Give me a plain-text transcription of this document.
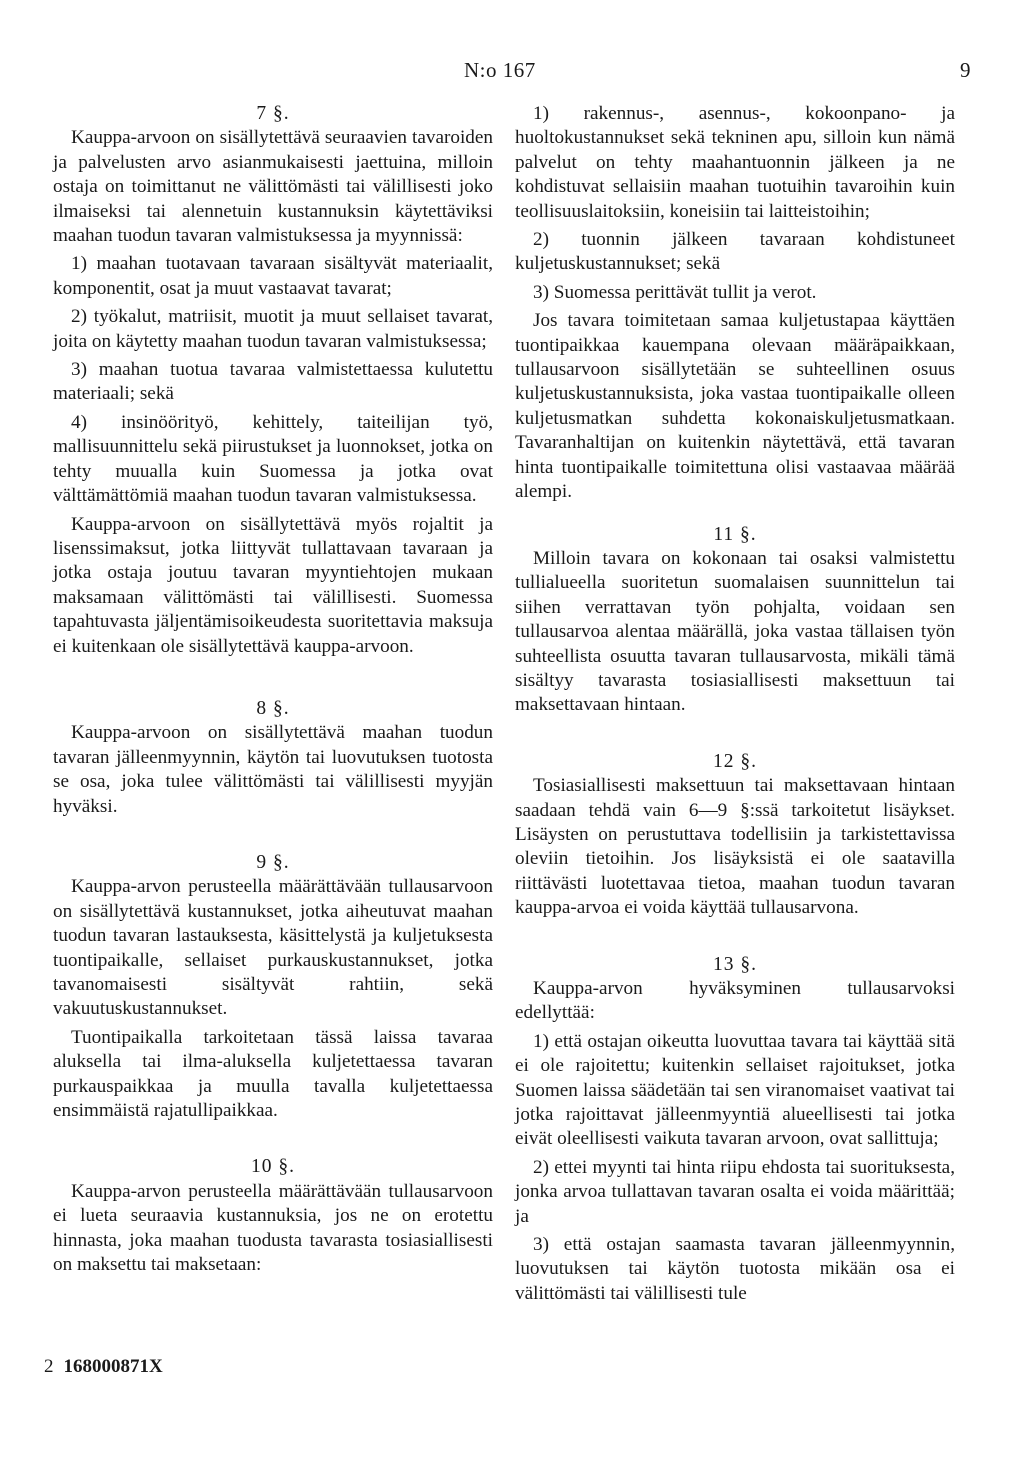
N:o 167	9
7 §.

Kauppa-arvoon on sisällytettävä seuraavien tavaroiden ja palvelusten arvo asianmukaisesti jaettuina, milloin ostaja on toimittanut ne välittömästi tai välillisesti joko ilmaiseksi tai alennetuin kustannuksin käytettäviksi maahan tuodun tavaran valmistuksessa ja myynnissä:

1) maahan tuotavaan tavaraan sisältyvät materiaalit, komponentit, osat ja muut vastaavat tavarat;

2) työkalut, matriisit, muotit ja muut sellaiset tavarat, joita on käytetty maahan tuodun tavaran valmistuksessa;

3) maahan tuotua tavaraa valmistettaessa kulutettu materiaali; sekä

4) insinöörityö, kehittely, taiteilijan työ, mallisuunnittelu sekä piirustukset ja luonnokset, jotka on tehty muualla kuin Suomessa ja jotka ovat välttämättömiä maahan tuodun tavaran valmistuksessa.

Kauppa-arvoon on sisällytettävä myös rojaltit ja lisenssimaksut, jotka liittyvät tullattavaan tavaraan ja jotka ostaja joutuu tavaran myyntiehtojen mukaan maksamaan välittömästi tai välillisesti. Suomessa tapahtuvasta jäljentämisoikeudesta suoritettavia maksuja ei kuitenkaan ole sisällytettävä kauppa-arvoon.

8 §.

Kauppa-arvoon on sisällytettävä maahan tuodun tavaran jälleenmyynnin, käytön tai luovutuksen tuotosta se osa, joka tulee välittömästi tai välillisesti myyjän hyväksi.

9 §.

Kauppa-arvon perusteella määrättävään tullausarvoon on sisällytettävä kustannukset, jotka aiheutuvat maahan tuodun tavaran lastauksesta, käsittelystä ja kuljetuksesta tuontipaikalle, sellaiset purkauskustannukset, jotka tavanomaisesti sisältyvät rahtiin, sekä vakuutuskustannukset.

Tuontipaikalla tarkoitetaan tässä laissa tavaraa aluksella tai ilma-aluksella kuljetettaessa tavaran purkauspaikkaa ja muulla tavalla kuljetettaessa ensimmäistä rajatullipaikkaa.

10 §.

Kauppa-arvon perusteella määrättävään tullausarvoon ei lueta seuraavia kustannuksia, jos ne on erotettu hinnasta, joka maahan tuodusta tavarasta tosiasiallisesti on maksettu tai maksetaan:

1) rakennus-, asennus-, kokoonpano- ja huoltokustannukset sekä tekninen apu, silloin kun nämä palvelut on tehty maahantuonnin jälkeen ja ne kohdistuvat sellaisiin maahan tuotuihin tavaroihin kuin teollisuuslaitoksiin, koneisiin tai laitteistoihin;

2) tuonnin jälkeen tavaraan kohdistuneet kuljetuskustannukset; sekä

3) Suomessa perittävät tullit ja verot.

Jos tavara toimitetaan samaa kuljetustapaa käyttäen tuontipaikkaa kauempana olevaan määräpaikkaan, tullausarvoon sisällytetään se suhteellinen osuus kuljetuskustannuksista, joka vastaa tuontipaikalle olleen kuljetusmatkan suhdetta kokonaiskuljetusmatkaan. Tavaranhaltijan on kuitenkin näytettävä, että tavaran hinta tuontipaikalle toimitettuna olisi vastaavaa määrää alempi.

11 §.

Milloin tavara on kokonaan tai osaksi valmistettu tullialueella suoritetun suomalaisen suunnittelun tai siihen verrattavan työn pohjalta, voidaan sen tullausarvoa alentaa määrällä, joka vastaa tällaisen työn suhteellista osuutta tavaran tullausarvosta, mikäli tämä sisältyy tavarasta tosiasiallisesti maksettuun tai maksettavaan hintaan.

12 §.

Tosiasiallisesti maksettuun tai maksettavaan hintaan saadaan tehdä vain 6—9 §:ssä tarkoitetut lisäykset. Lisäysten on perustuttava todellisiin ja tarkistettavissa oleviin tietoihin. Jos lisäyksistä ei ole saatavilla riittävästi luotettavaa tietoa, maahan tuodun tavaran kauppa-arvoa ei voida käyttää tullausarvona.

13 §.

Kauppa-arvon hyväksyminen tullausarvoksi edellyttää:

1) että ostajan oikeutta luovuttaa tavara tai käyttää sitä ei ole rajoitettu; kuitenkin sellaiset rajoitukset, jotka Suomen laissa säädetään tai sen viranomaiset vaativat tai jotka rajoittavat jälleenmyyntiä alueellisesti tai jotka eivät oleellisesti vaikuta tavaran arvoon, ovat sallittuja;

2) ettei myynti tai hinta riipu ehdosta tai suorituksesta, jonka arvoa tullattavan tavaran osalta ei voida määrittää; ja

3) että ostajan saamasta tavaran jälleenmyynnin, luovutuksen tai käytön tuotosta mikään osa ei välittömästi tai välillisesti tule

2 168000871X
